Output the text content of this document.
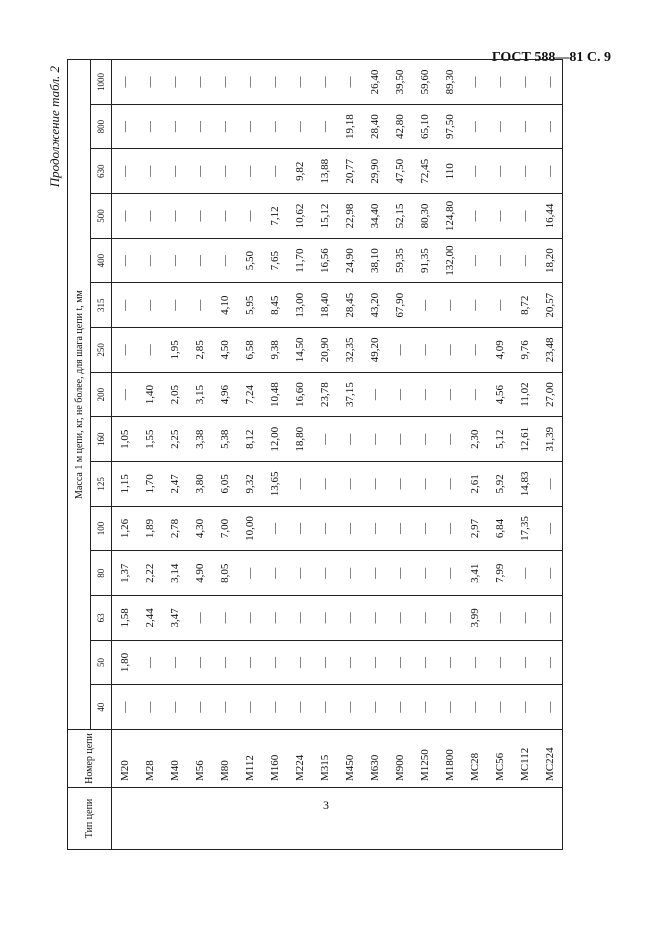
ГОСТ 588—81 С. 9
Продолжение табл. 2
Тип цепи	Номер цепи	Масса 1 м цепи, кг, не более, для шага цепи t, мм														
		40	50	63	80	100	125	160	200	250	315	400	500	630	800	1000
	М20	—	1,80	1,58	1,37	1,26	1,15	1,05	—	—	—	—	—	—	—	—
	М28	—	—	2,44	2,22	1,89	1,70	1,55	1,40	—	—	—	—	—	—	—
	М40	—	—	3,47	3,14	2,78	2,47	2,25	2,05	1,95	—	—	—	—	—	—
	М56	—	—	—	4,90	4,30	3,80	3,38	3,15	2,85	—	—	—	—	—	—
	М80	—	—	—	8,05	7,00	6,05	5,38	4,96	4,50	4,10	—	—	—	—	—
	М112	—	—	—	—	10,00	9,32	8,12	7,24	6,58	5,95	5,50	—	—	—	—
	М160	—	—	—	—	—	13,65	12,00	10,48	9,38	8,45	7,65	7,12	—	—	—
	М224	—	—	—	—	—	—	18,80	16,60	14,50	13,00	11,70	10,62	9,82	—	—
	М315	—	—	—	—	—	—	—	23,78	20,90	18,40	16,56	15,12	13,88	—	—
	М450	—	—	—	—	—	—	—	37,15	32,35	28,45	24,90	22,98	20,77	19,18	—
	М630	—	—	—	—	—	—	—	—	49,20	43,20	38,10	34,40	29,90	28,40	26,40
	М900	—	—	—	—	—	—	—	—	—	67,90	59,35	52,15	47,50	42,80	39,50
	М1250	—	—	—	—	—	—	—	—	—	—	91,35	80,30	72,45	65,10	59,60
	М1800	—	—	—	—	—	—	—	—	—	—	132,00	124,80	110	97,50	89,30
	МС28	—	—	3,99	3,41	2,97	2,61	2,30	—	—	—	—	—	—	—	—
	МС56	—	—	—	7,99	6,84	5,92	5,12	4,56	4,09	—	—	—	—	—	—
	МС112	—	—	—	—	17,35	14,83	12,61	11,02	9,76	8,72	—	—	—	—	—
	МС224	—	—	—	—	—	—	31,39	27,00	23,48	20,57	18,20	16,44	—	—	—
3
